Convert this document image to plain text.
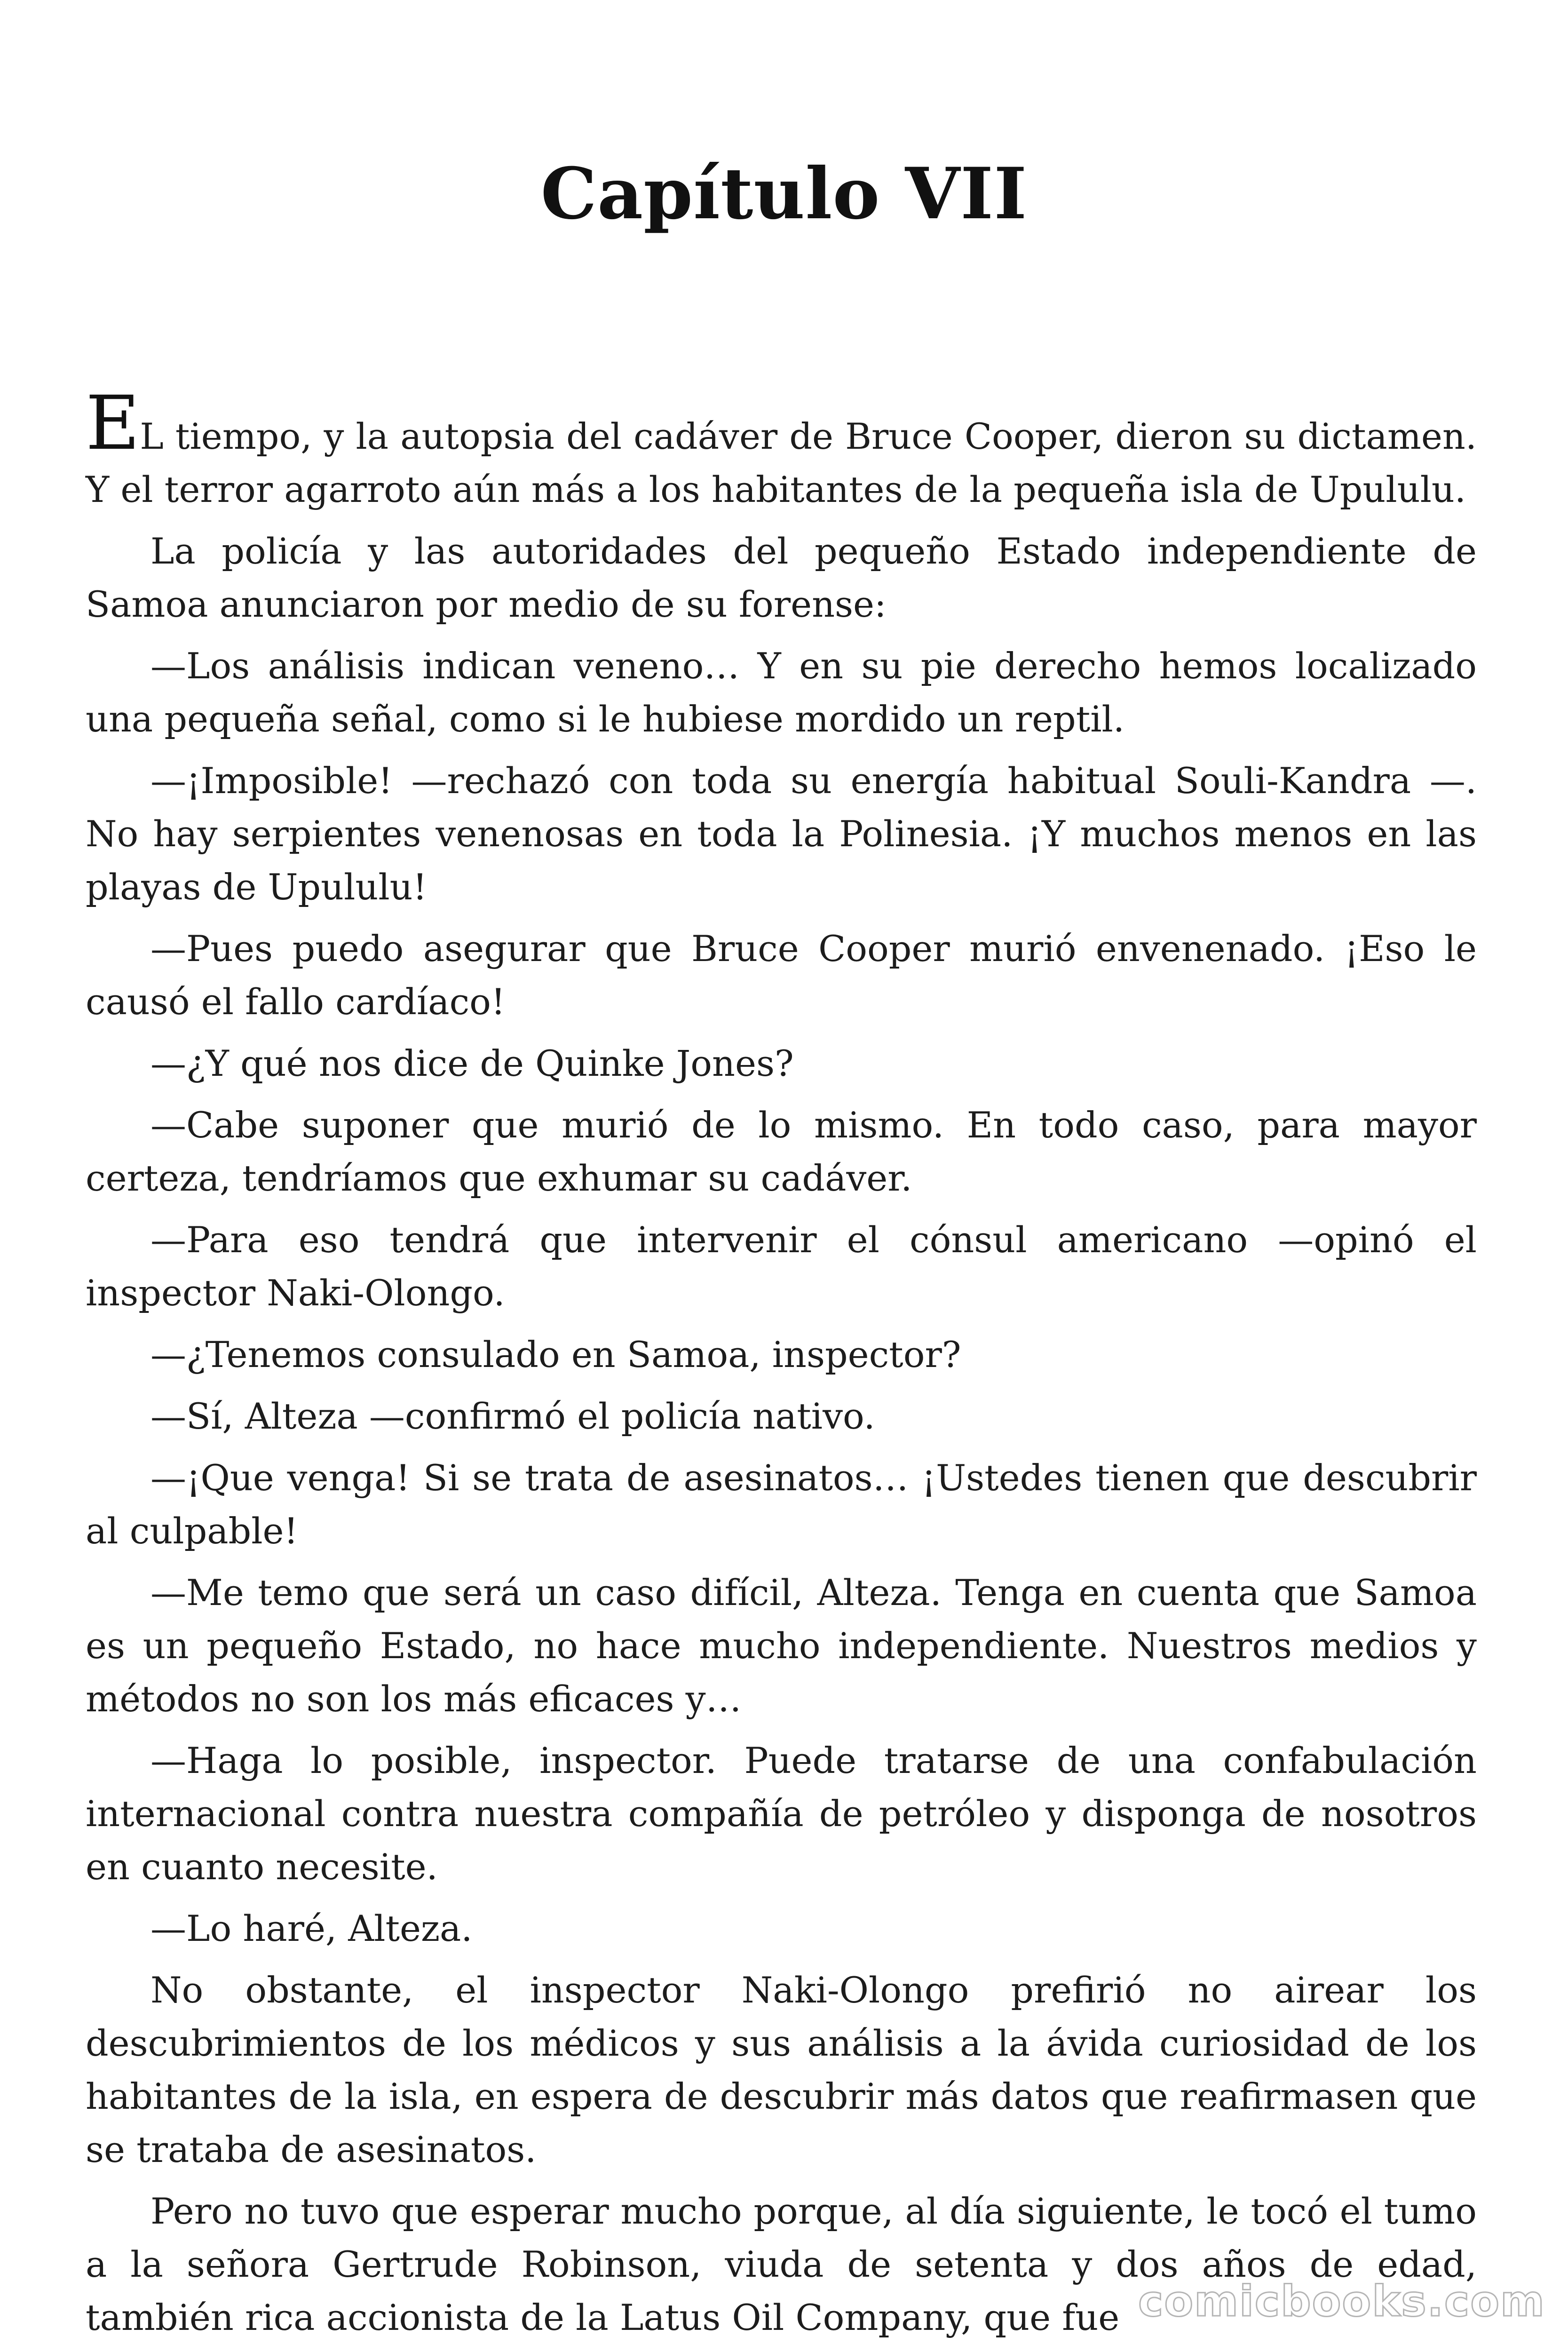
Capítulo VII

EL tiempo, y la autopsia del cadáver de Bruce Cooper, dieron su dictamen. Y el terror agarroto aún más a los habitantes de la pequeña isla de Upululu.

La policía y las autoridades del pequeño Estado independiente de Samoa anunciaron por medio de su forense:

—Los análisis indican veneno… Y en su pie derecho hemos localizado una pequeña señal, como si le hubiese mordido un reptil.

—¡Imposible! —rechazó con toda su energía habitual Souli-Kandra —. No hay serpientes venenosas en toda la Polinesia. ¡Y muchos menos en las playas de Upululu!

—Pues puedo asegurar que Bruce Cooper murió envenenado. ¡Eso le causó el fallo cardíaco!

—¿Y qué nos dice de Quinke Jones?

—Cabe suponer que murió de lo mismo. En todo caso, para mayor certeza, tendríamos que exhumar su cadáver.

—Para eso tendrá que intervenir el cónsul americano —opinó el inspector Naki-Olongo.

—¿Tenemos consulado en Samoa, inspector?

—Sí, Alteza —confirmó el policía nativo.

—¡Que venga! Si se trata de asesinatos… ¡Ustedes tienen que descubrir al culpable!

—Me temo que será un caso difícil, Alteza. Tenga en cuenta que Samoa es un pequeño Estado, no hace mucho independiente. Nuestros medios y métodos no son los más eficaces y…

—Haga lo posible, inspector. Puede tratarse de una confabulación internacional contra nuestra compañía de petróleo y disponga de nosotros en cuanto necesite.

—Lo haré, Alteza.

No obstante, el inspector Naki-Olongo prefirió no airear los descubrimientos de los médicos y sus análisis a la ávida curiosidad de los habitantes de la isla, en espera de descubrir más datos que reafirmasen que se trataba de asesinatos.

Pero no tuvo que esperar mucho porque, al día siguiente, le tocó el tumo a la señora Gertrude Robinson, viuda de setenta y dos años de edad, también rica accionista de la Latus Oil Company, que fue comicbooks.com
